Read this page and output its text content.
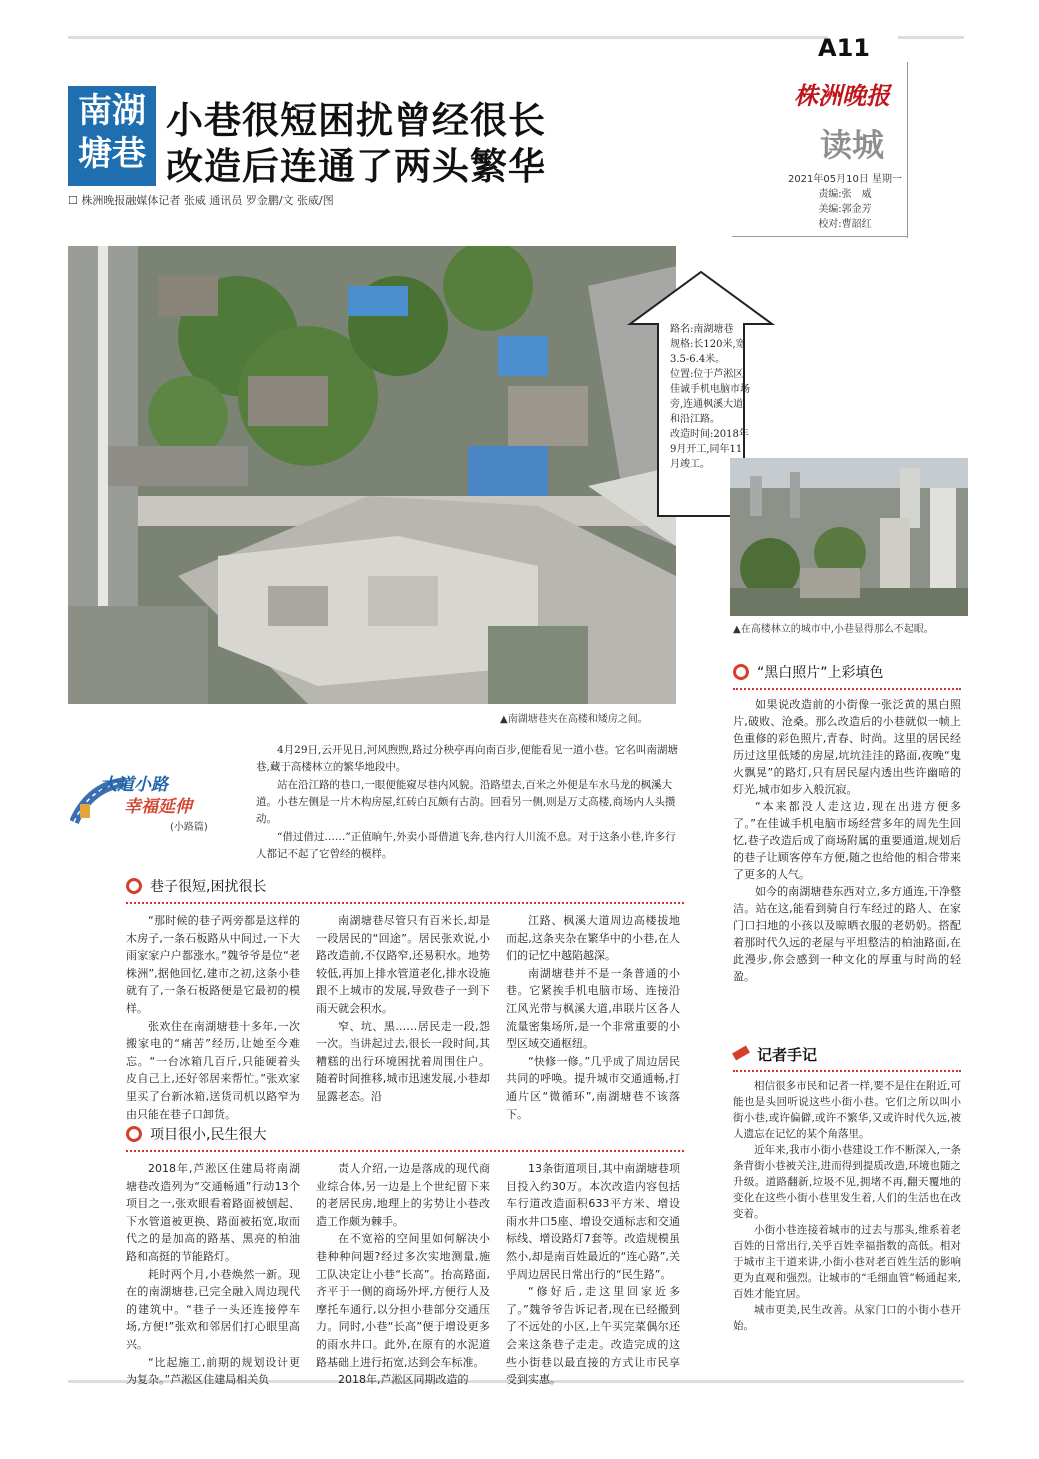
A11
株洲晚报
读城
2021年05月10日 星期一
责编:张　威
美编:郭金芳
校对:曹韶红
南湖
塘巷
小巷很短困扰曾经很长
改造后连通了两头繁华
☐ 株洲晚报融媒体记者 张威 通讯员 罗金鹏/文 张威/图
▲南湖塘巷夹在高楼和矮房之间。
路名:南湖塘巷
规格:长120米,宽3.5-6.4米。
位置:位于芦淞区佳诚手机电脑市场旁,连通枫溪大道和沿江路。
改造时间:2018年9月开工,同年11月竣工。
▲在高楼林立的城市中,小巷显得那么不起眼。
大道小路
幸福延伸
(小路篇)

4月29日,云开见日,河风煦煦,路过分秧亭再向南百步,便能看见一道小巷。它名叫南湖塘巷,藏于高楼林立的繁华地段中。

站在沿江路的巷口,一眼便能窥尽巷内风貌。沿路望去,百米之外便是车水马龙的枫溪大道。小巷左侧是一片木构房屋,红砖白瓦颇有古韵。回看另一侧,则是万丈高楼,商场内人头攒动。

“借过借过……”正值晌午,外卖小哥借道飞奔,巷内行人川流不息。对于这条小巷,许多行人都记不起了它曾经的模样。

巷子很短,困扰很长

“那时候的巷子两旁都是这样的木房子,一条石板路从中间过,一下大雨家家户户都涨水。”魏爷爷是位“老株洲”,据他回忆,建市之初,这条小巷就有了,一条石板路便是它最初的模样。

张欢住在南湖塘巷十多年,一次搬家电的“痛苦”经历,让她至今难忘。“一台冰箱几百斤,只能硬着头皮自己上,还好邻居来帮忙。”张欢家里买了台新冰箱,送货司机以路窄为由只能在巷子口卸货。

南湖塘巷尽管只有百米长,却是一段居民的“回途”。居民张欢说,小路改造前,不仅路窄,还易积水。地势较低,再加上排水管道老化,排水设施跟不上城市的发展,导致巷子一到下雨天就会积水。

窄、坑、黑……居民走一段,怨一次。当讲起过去,很长一段时间,其糟糕的出行环境困扰着周围住户。随着时间推移,城市迅速发展,小巷却显露老态。沿

江路、枫溪大道周边高楼拔地而起,这条夹杂在繁华中的小巷,在人们的记忆中越陷越深。

南湖塘巷并不是一条普通的小巷。它紧挨手机电脑市场、连接沿江风光带与枫溪大道,串联片区各人流量密集场所,是一个非常重要的小型区域交通枢纽。

“快修一修。”几乎成了周边居民共同的呼唤。提升城市交通通畅,打通片区“微循环”,南湖塘巷不该落下。

项目很小,民生很大

2018年,芦淞区住建局将南湖塘巷改造列为“交通畅通”行动13个项目之一,张欢眼看着路面被刨起、下水管道被更换、路面被拓宽,取而代之的是加高的路基、黑亮的柏油路和高挺的节能路灯。

耗时两个月,小巷焕然一新。现在的南湖塘巷,已完全融入周边现代的建筑中。“巷子一头还连接停车场,方便!”张欢和邻居们打心眼里高兴。

“比起施工,前期的规划设计更为复杂。”芦淞区住建局相关负

责人介绍,一边是落成的现代商业综合体,另一边是上个世纪留下来的老居民房,地理上的劣势让小巷改造工作颇为棘手。

在不宽裕的空间里如何解决小巷种种问题?经过多次实地测量,施工队决定让小巷“长高”。抬高路面,齐平于一侧的商场外坪,方便行人及摩托车通行,以分担小巷部分交通压力。同时,小巷“长高”便于增设更多的雨水井口。此外,在原有的水泥道路基础上进行拓宽,达到会车标准。

2018年,芦淞区同期改造的

13条街道项目,其中南湖塘巷项目投入约30万。本次改造内容包括车行道改造面积633平方米、增设雨水井口5座、增设交通标志和交通标线、增设路灯7套等。改造规模虽然小,却是南百姓最近的“连心路”,关乎周边居民日常出行的“民生路”。

“修好后,走这里回家近多了。”魏爷爷告诉记者,现在已经搬到了不远处的小区,上午买完菜偶尔还会来这条巷子走走。改造完成的这些小街巷以最直接的方式让市民享受到实惠。

“黑白照片”上彩填色

如果说改造前的小街像一张泛黄的黑白照片,破败、沧桑。那么改造后的小巷就似一帧上色重修的彩色照片,青春、时尚。这里的居民经历过这里低矮的房屋,坑坑洼洼的路面,夜晚“鬼火飘晃”的路灯,只有居民屋内透出些许幽暗的灯光,城市如步入般沉寂。

“本来都没人走这边,现在出进方便多了。”在佳诚手机电脑市场经营多年的周先生回忆,巷子改造后成了商场附属的重要通道,规划后的巷子让顾客停车方便,随之也给他的相合带来了更多的人气。

如今的南湖塘巷东西对立,多方通连,干净整洁。站在这,能看到骑自行车经过的路人、在家门口扫地的小孩以及晾晒衣服的老奶奶。搭配着那时代久远的老屋与平坦整洁的柏油路面,在此漫步,你会感到一种文化的厚重与时尚的轻盈。

记者手记

相信很多市民和记者一样,要不是住在附近,可能也是头回听说这些小街小巷。它们之所以叫小街小巷,或许偏僻,或许不繁华,又或许时代久远,被人遗忘在记忆的某个角落里。

近年来,我市小街小巷建设工作不断深入,一条条背街小巷被关注,进而得到提质改造,环境也随之升级。道路翻新,垃圾不见,拥堵不再,翻天覆地的变化在这些小街小巷里发生着,人们的生活也在改变着。

小街小巷连接着城市的过去与那头,维系着老百姓的日常出行,关乎百姓幸福指数的高低。相对于城市主干道来讲,小街小巷对老百姓生活的影响更为直观和强烈。让城市的“毛细血管”畅通起来,百姓才能宜居。

城市更美,民生改善。从家门口的小街小巷开始。
